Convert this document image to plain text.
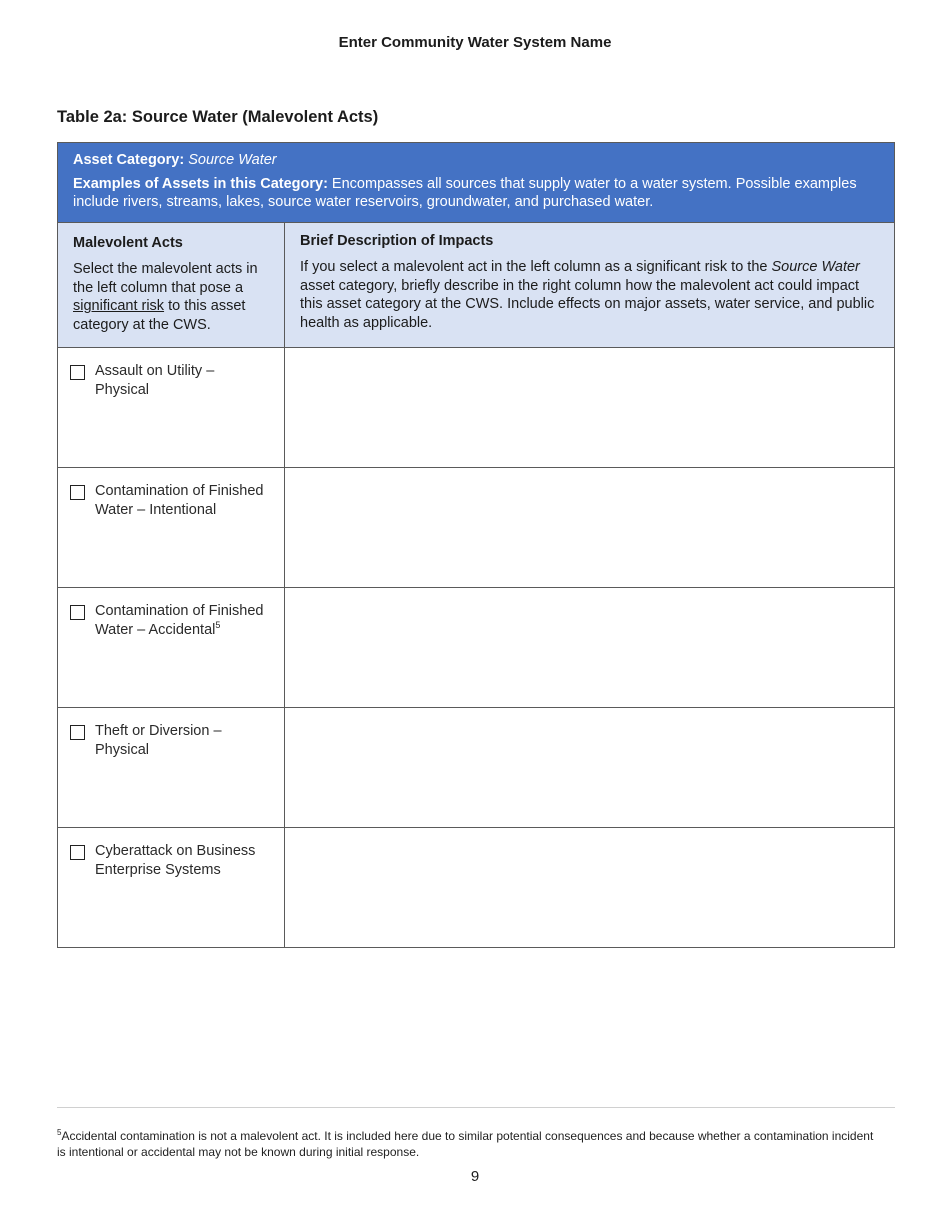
Enter Community Water System Name
Table 2a: Source Water (Malevolent Acts)
Asset Category: Source Water
Examples of Assets in this Category: Encompasses all sources that supply water to a water system. Possible examples include rivers, streams, lakes, source water reservoirs, groundwater, and purchased water.
Malevolent Acts
Select the malevolent acts in the left column that pose a significant risk to this asset category at the CWS.
Brief Description of Impacts
If you select a malevolent act in the left column as a significant risk to the Source Water asset category, briefly describe in the right column how the malevolent act could impact this asset category at the CWS. Include effects on major assets, water service, and public health as applicable.
Assault on Utility – Physical
Contamination of Finished Water – Intentional
Contamination of Finished Water – Accidental$^5$
Theft or Diversion – Physical
Cyberattack on Business Enterprise Systems
$^5$Accidental contamination is not a malevolent act. It is included here due to similar potential consequences and because whether a contamination incident is intentional or accidental may not be known during initial response.
9
